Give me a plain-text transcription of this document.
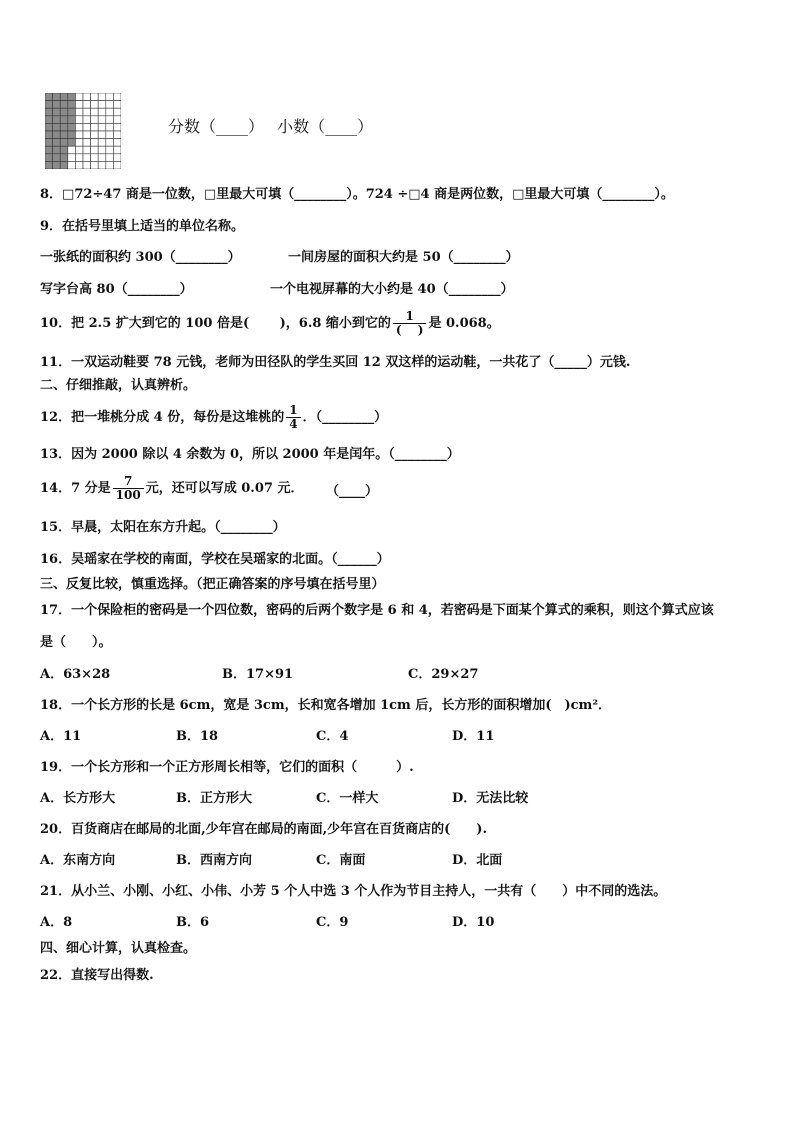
分数（____）　 小数（____）
8．□72÷47 商是一位数，□里最大可填（________）。724 ÷□4 商是两位数，□里最大可填（________）。
9．在括号里填上适当的单位名称。
一张纸的面积约 300（________）	一间房屋的面积大约是 50（________）
写字台高 80（________）	一个电视屏幕的大小约是 40（________）
10．把 2.5 扩大到它的 100 倍是(　　 )，6.8 缩小到它的 $\frac{1}{( )}$ 是 0.068。
11．一双运动鞋要 78 元钱，老师为田径队的学生买回 12 双这样的运动鞋，一共花了（_____）元钱.
二、仔细推敲，认真辨析。
12．把一堆桃分成 4 份，每份是这堆桃的 $\frac{1}{4}$ ．（________）
13．因为 2000 除以 4 余数为 0，所以 2000 年是闰年。（________）
14．7 分是 $\frac{7}{100}$ 元，还可以写成 0.07 元． （____）
15．早晨，太阳在东方升起。（________）
16．吴瑶家在学校的南面，学校在吴瑶家的北面。（______）
三、反复比较，慎重选择。（把正确答案的序号填在括号里）
17．一个保险柜的密码是一个四位数，密码的后两个数字是 6 和 4，若密码是下面某个算式的乘积，则这个算式应该
是（　　）。
A．63×28	B．17×91	C．29×27
18．一个长方形的长是 6cm，宽是 3cm，长和宽各增加 1cm 后，长方形的面积增加(　)cm²．
A．11	B．18	C．4	D．11
19．一个长方形和一个正方形周长相等，它们的面积（　　　）.
A．长方形大	B．正方形大	C．一样大	D．无法比较
20．百货商店在邮局的北面,少年宫在邮局的南面,少年宫在百货商店的(　　).
A．东南方向	B．西南方向	C．南面	D．北面
21．从小兰、小刚、小红、小伟、小芳 5 个人中选 3 个人作为节目主持人，一共有（　　）中不同的选法。
A．8	B．6	C．9	D．10
四、细心计算，认真检查。
22．直接写出得数.
